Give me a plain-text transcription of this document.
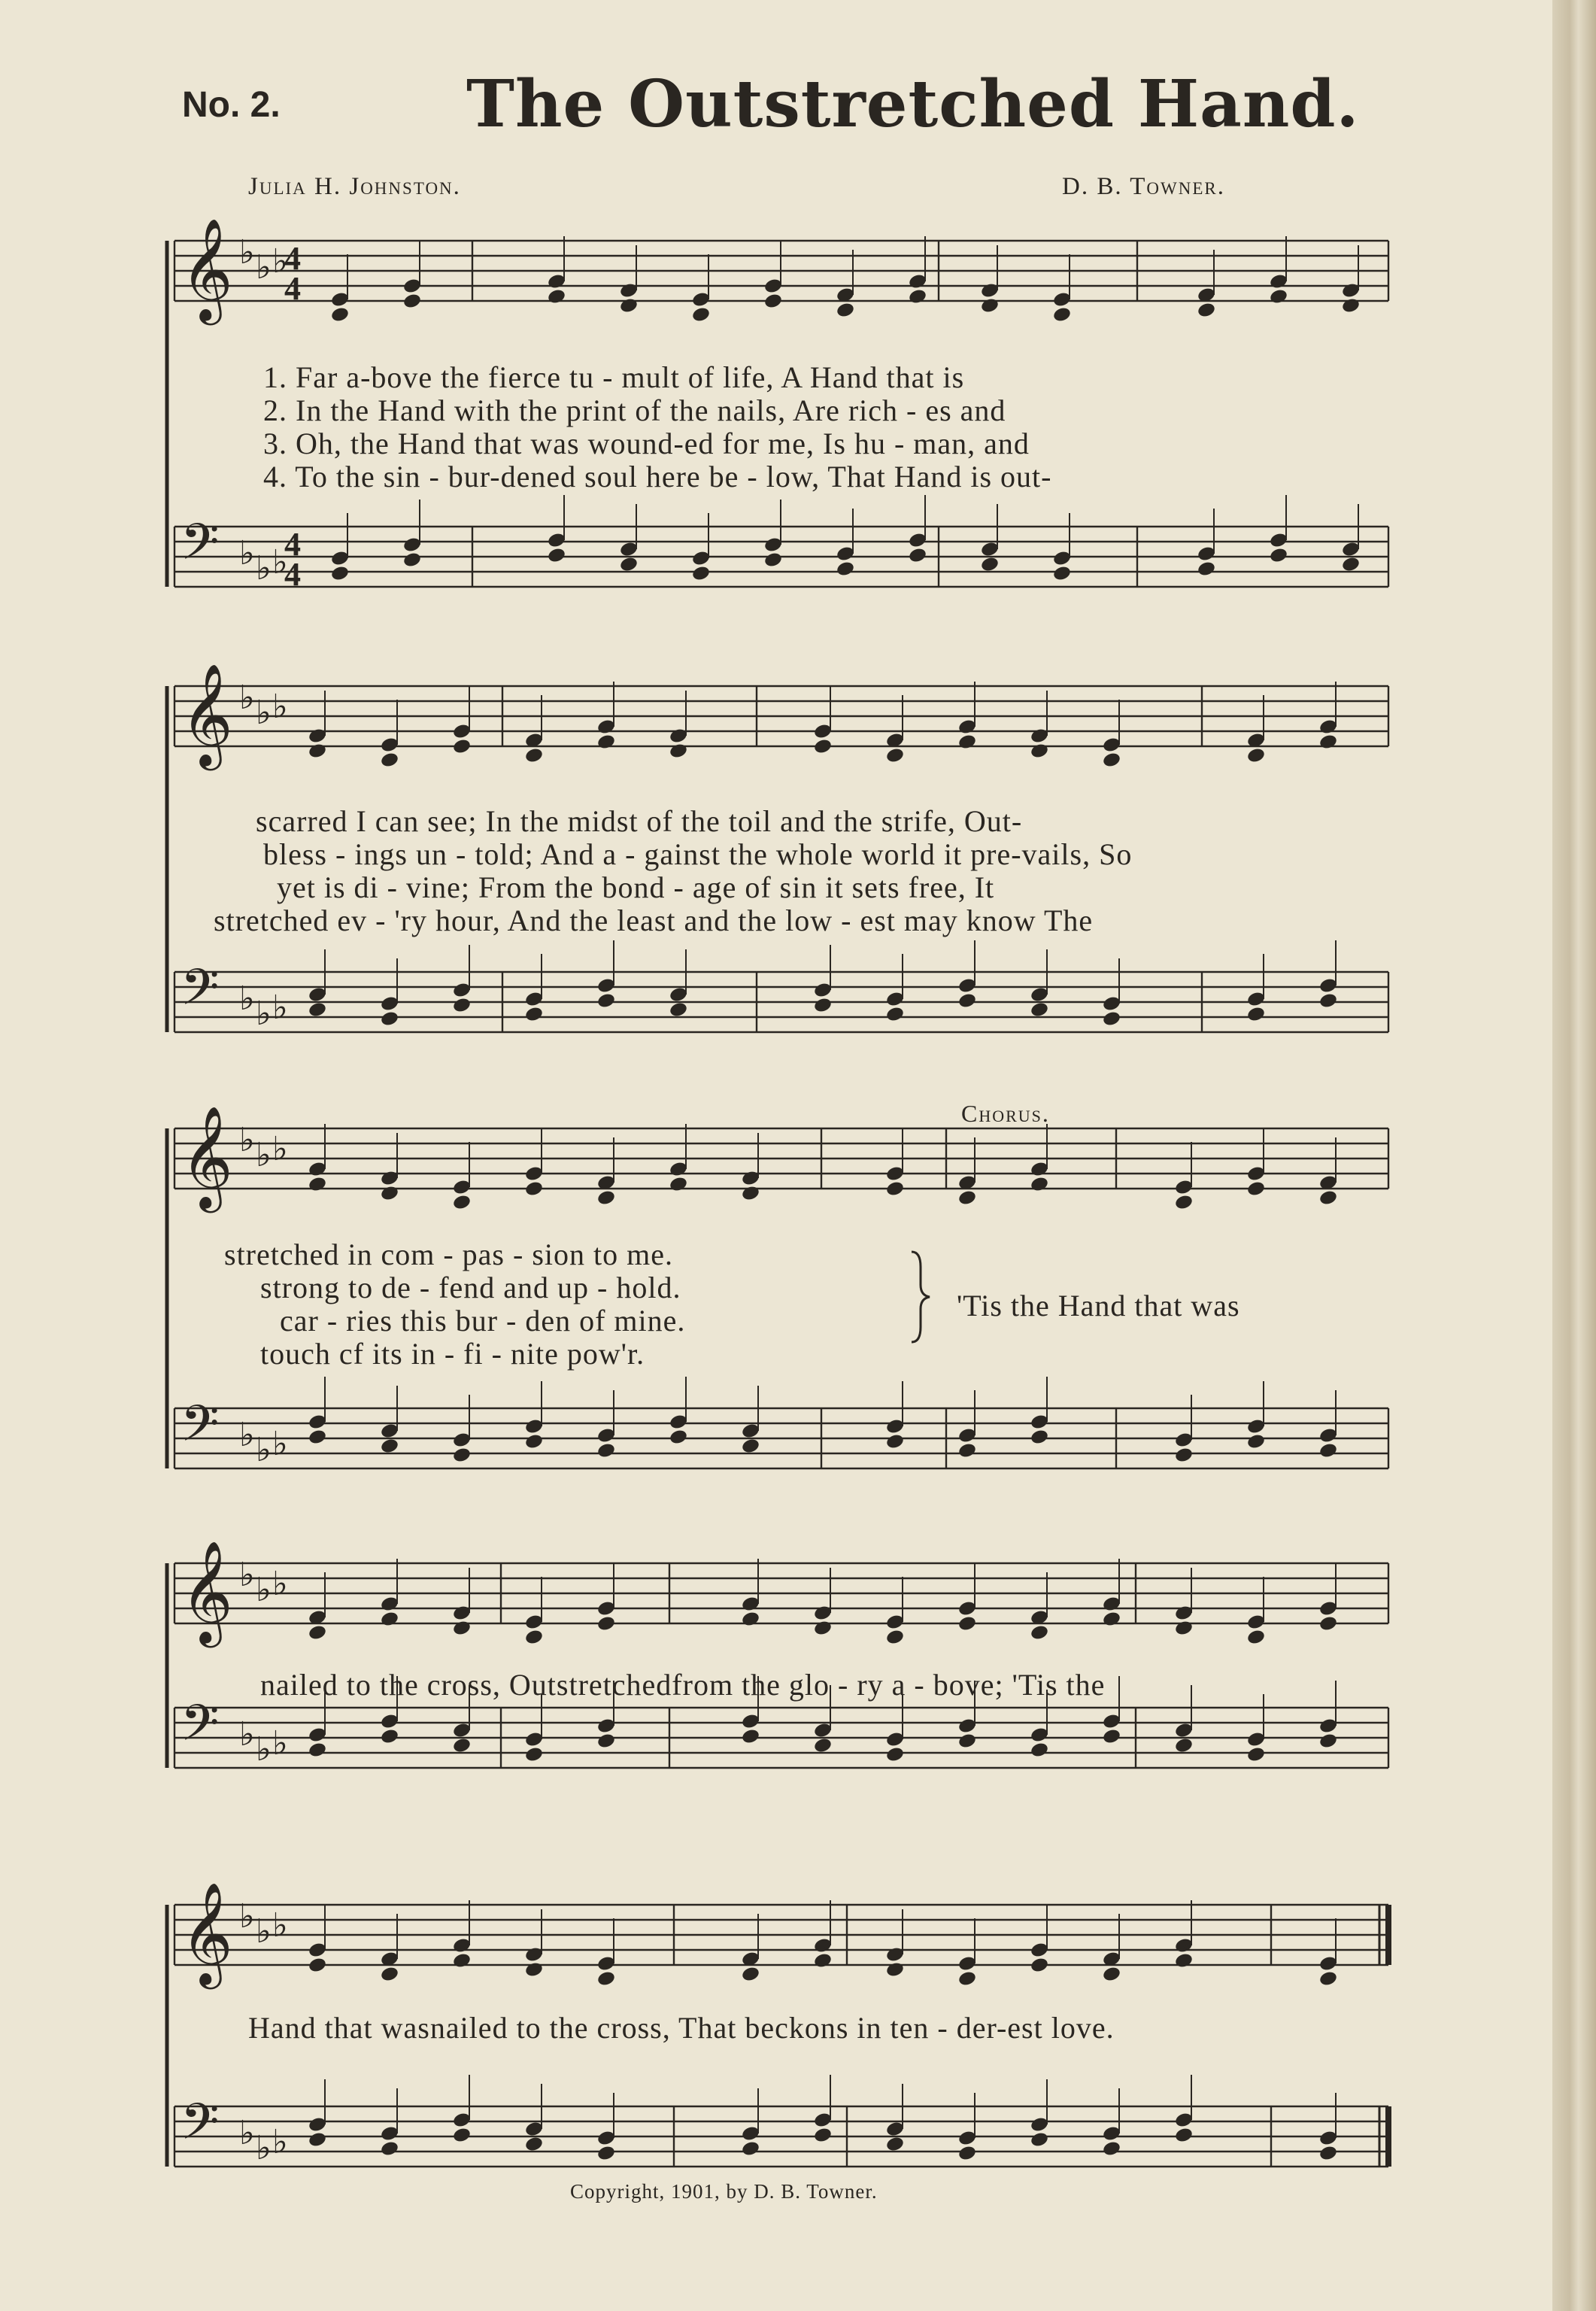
No. 2.	The Outstretched Hand.
Julia H. Johnston.	D. B. Towner.
𝄞 ♭ ♭ ♭
4
4
𝄢 ♭ ♭ ♭
4
4
𝄞 ♭ ♭ ♭
𝄢 ♭ ♭ ♭
𝄞 ♭ ♭ ♭
𝄢 ♭ ♭ ♭
𝄞 ♭ ♭ ♭
𝄢 ♭ ♭ ♭
𝄞 ♭ ♭ ♭
𝄢 ♭ ♭ ♭
1. Far a-bove the fierce tu - mult of life, A Hand that is
2. In the Hand with the print of the nails, Are rich - es and
3. Oh, the Hand that was wound-ed for me, Is hu - man, and
4. To the sin - bur-dened soul here be - low, That Hand is out-
scarred I can see; In the midst of the toil and the strife, Out-
bless - ings un - told; And a - gainst the whole world it pre-vails, So
yet is di - vine; From the bond - age of sin it sets free, It
stretched ev - 'ry hour, And the least and the low - est may know The
stretched in com - pas - sion to me.
strong to de - fend and up - hold.
car - ries this bur - den of mine.
touch cf its in - fi - nite pow'r.
Chorus.
'Tis the Hand that was
nailed to the cross, Outstretchedfrom the glo - ry a - bove; 'Tis the
Hand that wasnailed to the cross, That beckons in ten - der-est love.
Copyright, 1901, by D. B. Towner.
